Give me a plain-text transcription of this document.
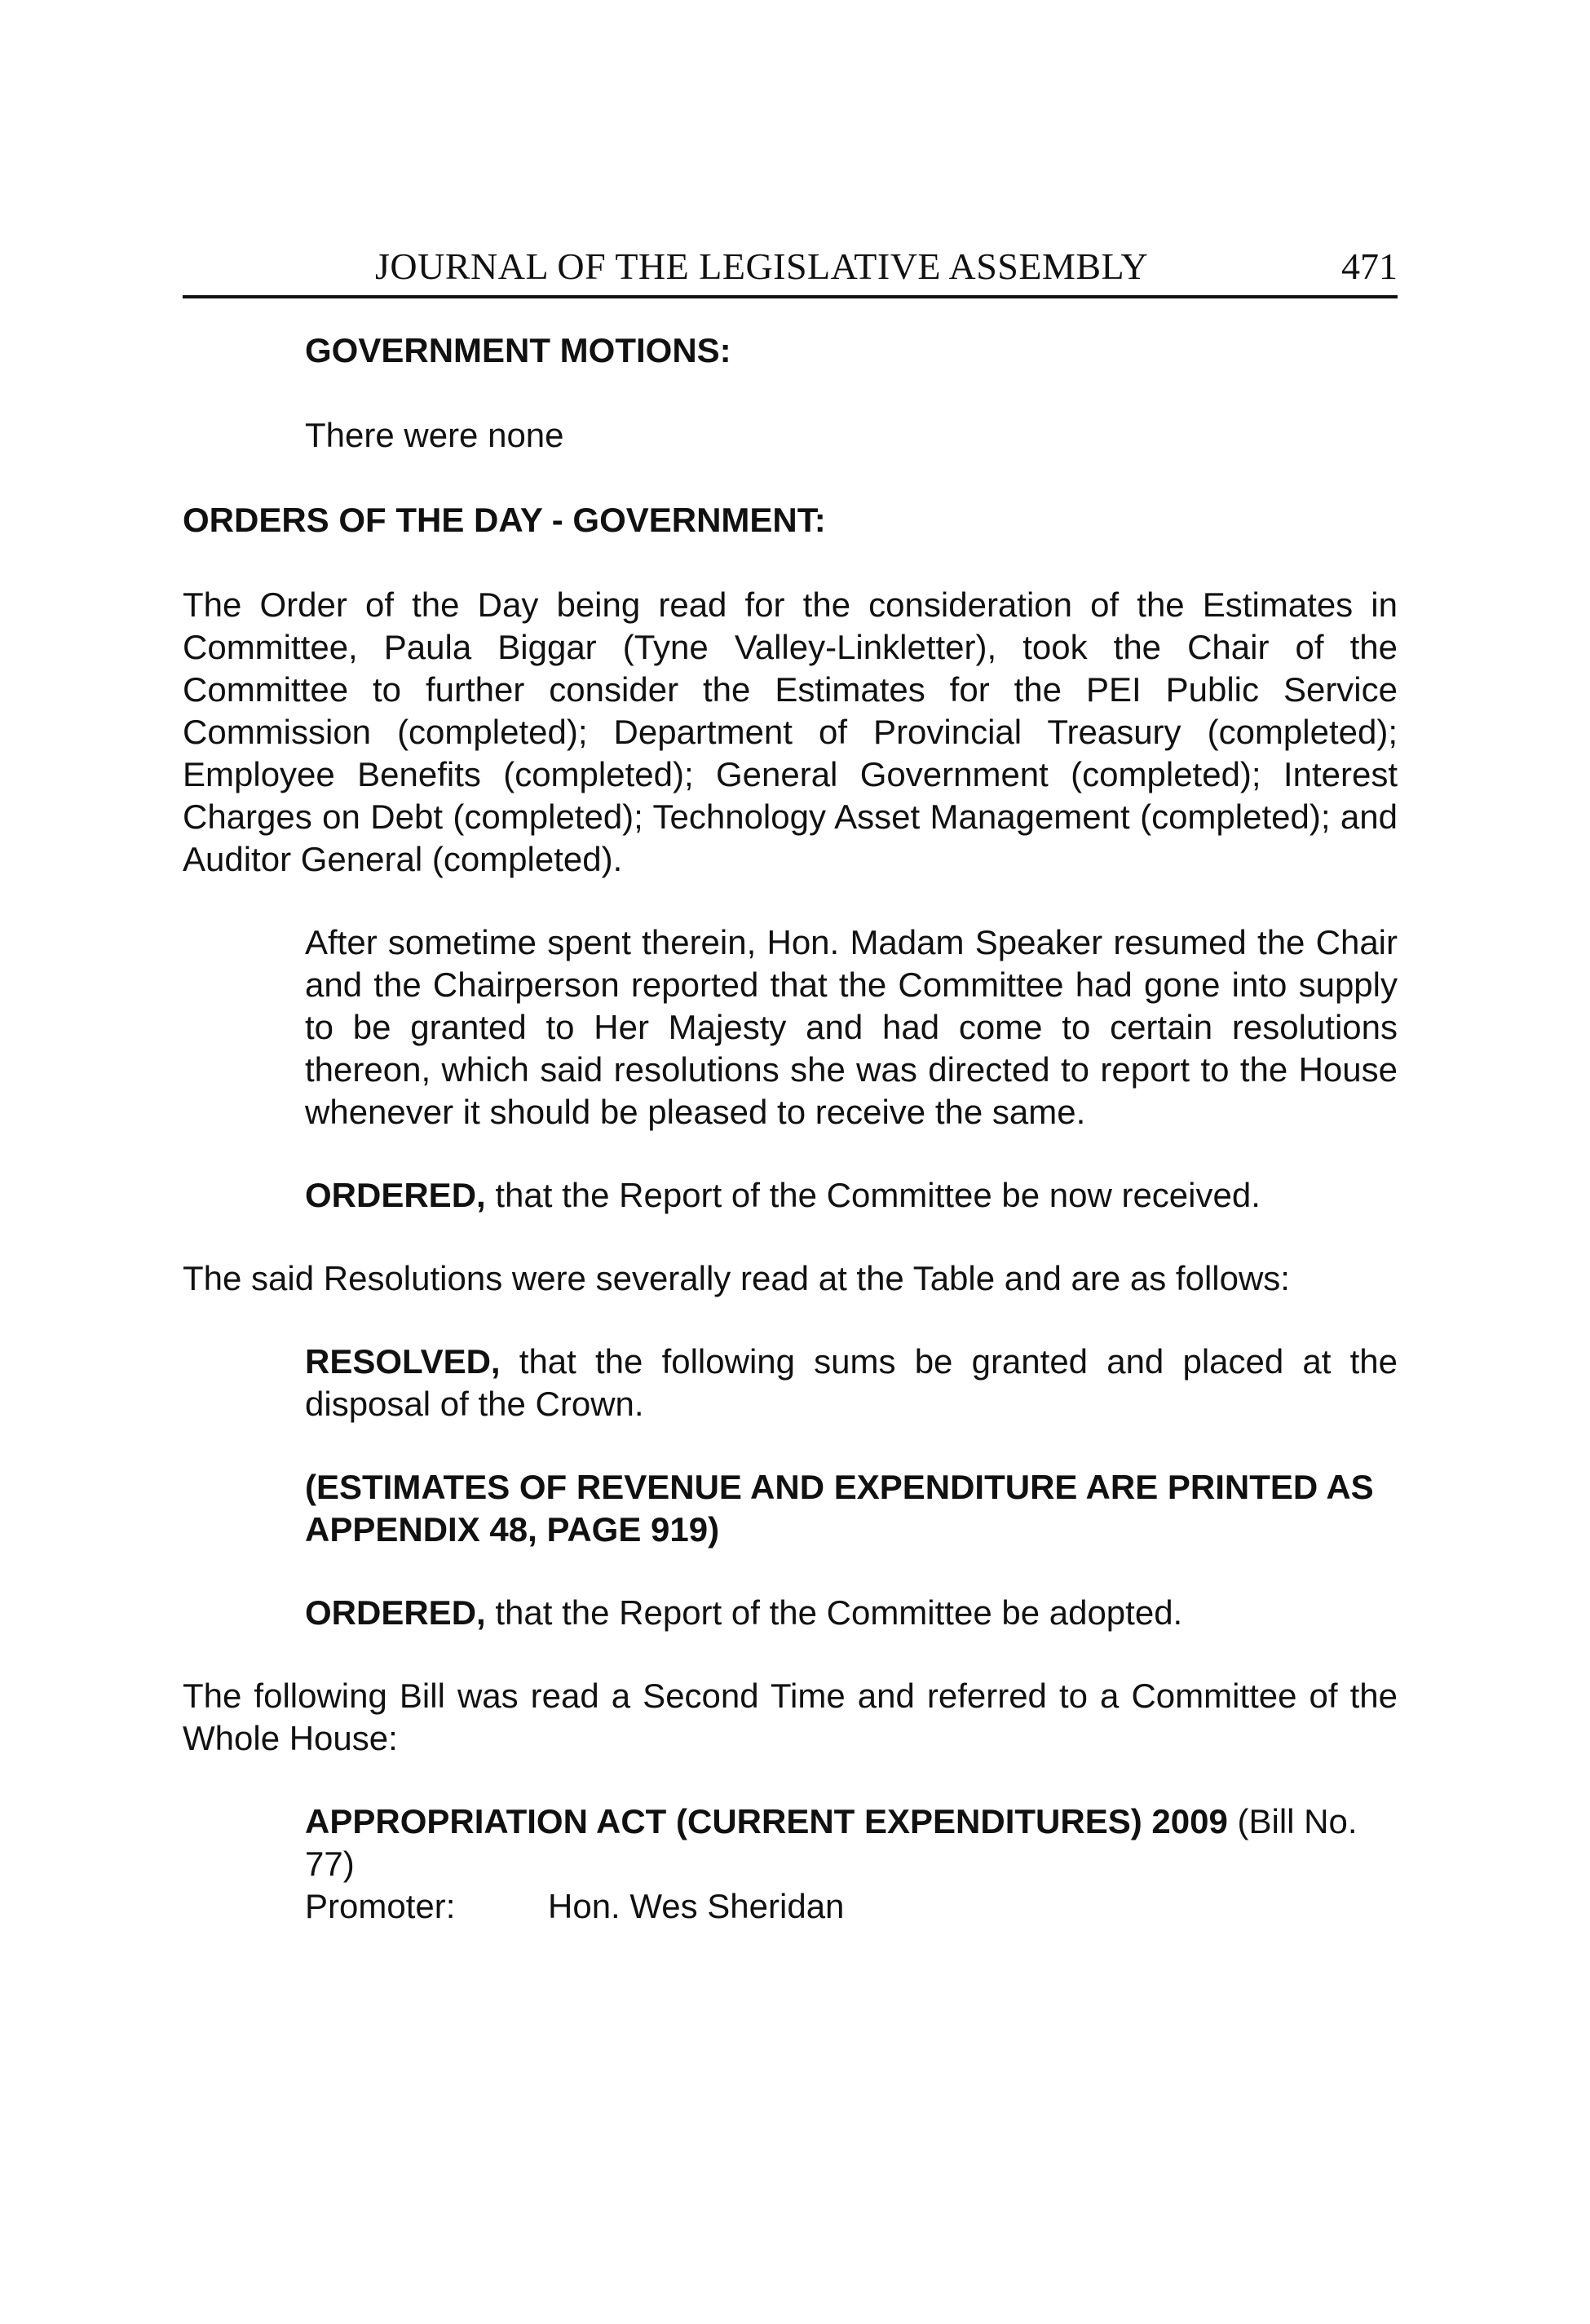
JOURNAL OF THE LEGISLATIVE ASSEMBLY	471

GOVERNMENT MOTIONS:

There were none

ORDERS OF THE DAY - GOVERNMENT:

The Order of the Day being read for the consideration of the Estimates in Committee, Paula Biggar (Tyne Valley-Linkletter), took the Chair of the Committee to further consider the Estimates for the PEI Public Service Commission (completed); Department of Provincial Treasury (completed); Employee Benefits (completed); General Government (completed); Interest Charges on Debt (completed); Technology Asset Management (completed); and Auditor General (completed).

After sometime spent therein, Hon. Madam Speaker resumed the Chair and the Chairperson reported that the Committee had gone into supply to be granted to Her Majesty and had come to certain resolutions thereon, which said resolutions she was directed to report to the House whenever it should be pleased to receive the same.

ORDERED, that the Report of the Committee be now received.

The said Resolutions were severally read at the Table and are as follows:

RESOLVED, that the following sums be granted and placed at the disposal of the Crown.

(ESTIMATES OF REVENUE AND EXPENDITURE ARE PRINTED AS APPENDIX 48, PAGE 919)

ORDERED, that the Report of the Committee be adopted.

The following Bill was read a Second Time and referred to a Committee of the Whole House:

APPROPRIATION ACT (CURRENT EXPENDITURES) 2009 (Bill No. 77)

Promoter:	Hon. Wes Sheridan
